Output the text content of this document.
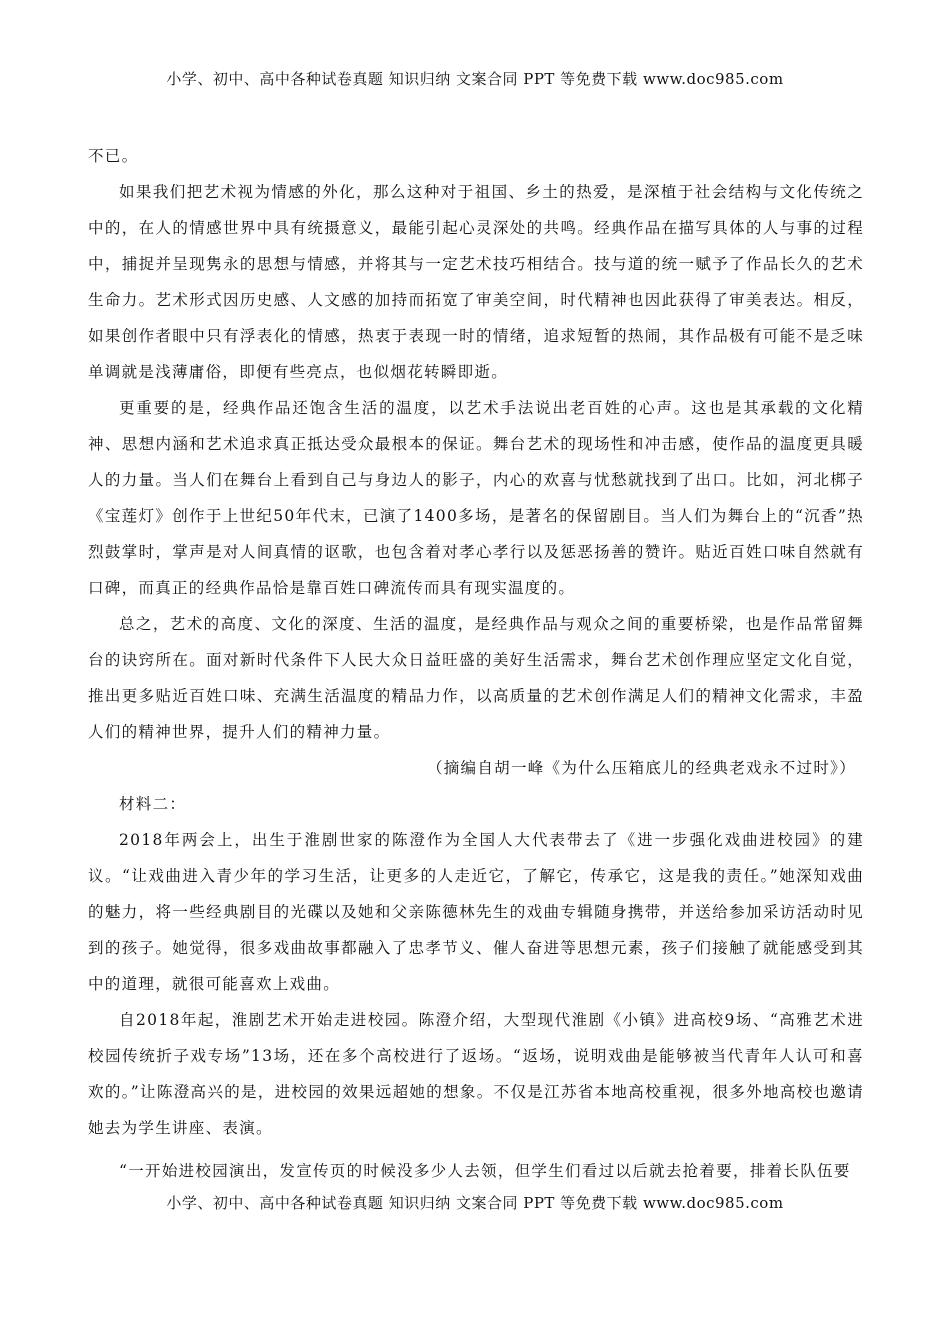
小学、初中、高中各种试卷真题 知识归纳 文案合同 PPT 等免费下载 www.doc985.com

不已。

如果我们把艺术视为情感的外化，那么这种对于祖国、乡土的热爱，是深植于社会结构与文化传统之中的，在人的情感世界中具有统摄意义，最能引起心灵深处的共鸣。经典作品在描写具体的人与事的过程中，捕捉并呈现隽永的思想与情感，并将其与一定艺术技巧相结合。技与道的统一赋予了作品长久的艺术生命力。艺术形式因历史感、人文感的加持而拓宽了审美空间，时代精神也因此获得了审美表达。相反，如果创作者眼中只有浮表化的情感，热衷于表现一时的情绪，追求短暂的热闹，其作品极有可能不是乏味单调就是浅薄庸俗，即便有些亮点，也似烟花转瞬即逝。

更重要的是，经典作品还饱含生活的温度，以艺术手法说出老百姓的心声。这也是其承载的文化精神、思想内涵和艺术追求真正抵达受众最根本的保证。舞台艺术的现场性和冲击感，使作品的温度更具暖人的力量。当人们在舞台上看到自己与身边人的影子，内心的欢喜与忧愁就找到了出口。比如，河北梆子《宝莲灯》创作于上世纪50年代末，已演了1400多场，是著名的保留剧目。当人们为舞台上的“沉香”热烈鼓掌时，掌声是对人间真情的讴歌，也包含着对孝心孝行以及惩恶扬善的赞许。贴近百姓口味自然就有口碑，而真正的经典作品恰是靠百姓口碑流传而具有现实温度的。

总之，艺术的高度、文化的深度、生活的温度，是经典作品与观众之间的重要桥梁，也是作品常留舞台的诀窍所在。面对新时代条件下人民大众日益旺盛的美好生活需求，舞台艺术创作理应坚定文化自觉，推出更多贴近百姓口味、充满生活温度的精品力作，以高质量的艺术创作满足人们的精神文化需求，丰盈人们的精神世界，提升人们的精神力量。

（摘编自胡一峰《为什么压箱底儿的经典老戏永不过时》）

材料二：

2018年两会上，出生于淮剧世家的陈澄作为全国人大代表带去了《进一步强化戏曲进校园》的建议。“让戏曲进入青少年的学习生活，让更多的人走近它，了解它，传承它，这是我的责任。”她深知戏曲的魅力，将一些经典剧目的光碟以及她和父亲陈德林先生的戏曲专辑随身携带，并送给参加采访活动时见到的孩子。她觉得，很多戏曲故事都融入了忠孝节义、催人奋进等思想元素，孩子们接触了就能感受到其中的道理，就很可能喜欢上戏曲。

自2018年起，淮剧艺术开始走进校园。陈澄介绍，大型现代淮剧《小镇》进高校9场、“高雅艺术进校园传统折子戏专场”13场，还在多个高校进行了返场。“返场，说明戏曲是能够被当代青年人认可和喜欢的。”让陈澄高兴的是，进校园的效果远超她的想象。不仅是江苏省本地高校重视，很多外地高校也邀请她去为学生讲座、表演。

“一开始进校园演出，发宣传页的时候没多少人去领，但学生们看过以后就去抢着要，排着长队伍要
小学、初中、高中各种试卷真题 知识归纳 文案合同 PPT 等免费下载 www.doc985.com
